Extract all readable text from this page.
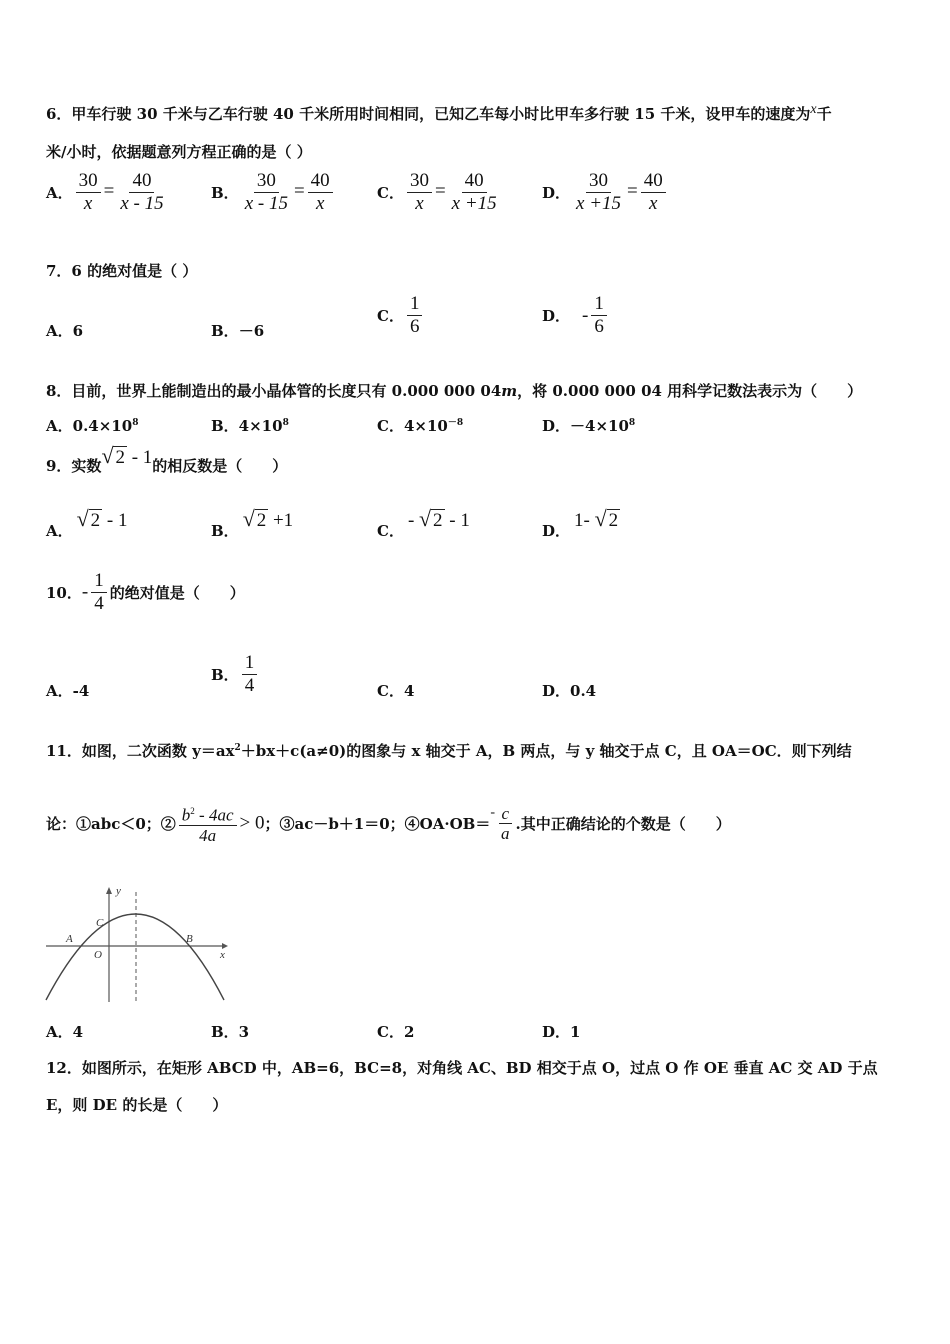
6．甲车行驶 30 千米与乙车行驶 40 千米所用时间相同，已知乙车每小时比甲车多行驶 15 千米，设甲车的速度为x千
米/小时，依据题意列方程正确的是（ ）
A． $\frac{30}{x} = \frac{40}{x - 15}$	B． $\frac{30}{x - 15} = \frac{40}{x}$	C． $\frac{30}{x} = \frac{40}{x +15}$	D． $\frac{30}{x +15} = \frac{40}{x}$
7．6 的绝对值是（ ）
A．6	B．－6
C． $\frac{1}{6}$	D． - $\frac{1}{6}$
8．目前，世界上能制造出的最小晶体管的长度只有 0.000 000 04m，将 0.000 000 04 用科学记数法表示为（　　）
A．$0.4\times 10^8$	B．$4\times 10^8$	C．$4\times 10^{-8}$	D．$-4\times 10^8$
9．实数 √ 2 - 1的相反数是（　　）
A． √ 2 - 1	B． √ 2 +1	C． - √ 2 - 1	D． 1- √ 2
10．- $\frac{1}{4}$ 的绝对值是（　　）
A．-4
B． $\frac{1}{4}$	C．4	D．0.4
11．如图，二次函数 $y=ax^2+bx+c(a\ne 0)$的图象与 x 轴交于 A，B 两点，与 y 轴交于点 C，且 OA＝OC．则下列结
论：①abc＜0；② $\frac{b^2 - 4ac}{4a} > 0$；③ac－b＋1＝0；④OA·OB＝- $\frac{c}{a}$ .其中正确结论的个数是（　　）
y
x
A	B
C
O
A．4	B．3	C．2	D．1
12．如图所示，在矩形 ABCD 中，AB=6，BC=8，对角线 AC、BD 相交于点 O，过点 O 作 OE 垂直 AC 交 AD 于点
E，则 DE 的长是（　　）
